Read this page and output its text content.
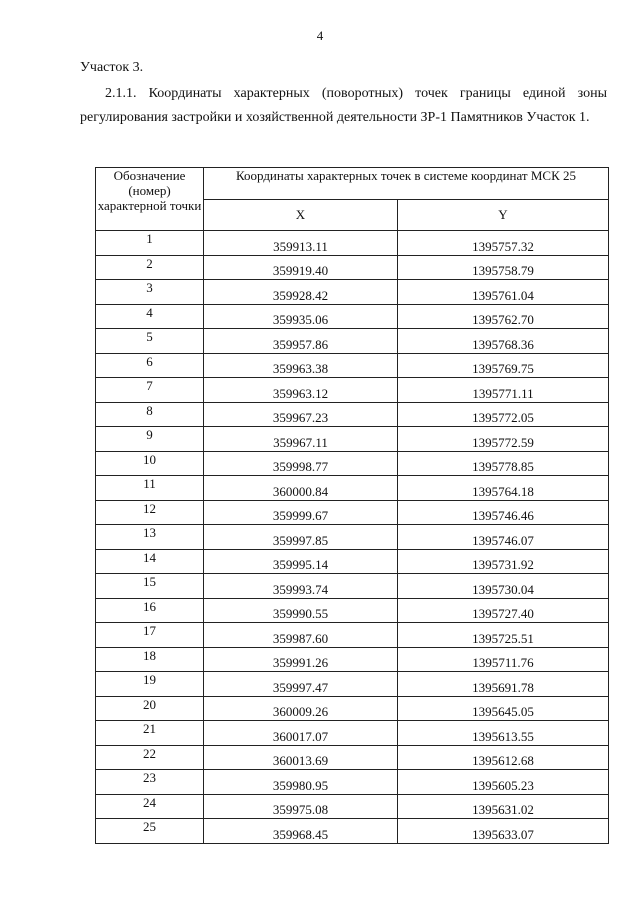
4
Участок 3.
2.1.1. Координаты характерных (поворотных) точек границы единой зоны регулирования застройки и хозяйственной деятельности ЗР-1 Памятников Участок 1.
Обозначение (номер) характерной точки	Координаты характерных точек в системе координат МСК 25	
	X	Y
1	359913.11	1395757.32
2	359919.40	1395758.79
3	359928.42	1395761.04
4	359935.06	1395762.70
5	359957.86	1395768.36
6	359963.38	1395769.75
7	359963.12	1395771.11
8	359967.23	1395772.05
9	359967.11	1395772.59
10	359998.77	1395778.85
11	360000.84	1395764.18
12	359999.67	1395746.46
13	359997.85	1395746.07
14	359995.14	1395731.92
15	359993.74	1395730.04
16	359990.55	1395727.40
17	359987.60	1395725.51
18	359991.26	1395711.76
19	359997.47	1395691.78
20	360009.26	1395645.05
21	360017.07	1395613.55
22	360013.69	1395612.68
23	359980.95	1395605.23
24	359975.08	1395631.02
25	359968.45	1395633.07
